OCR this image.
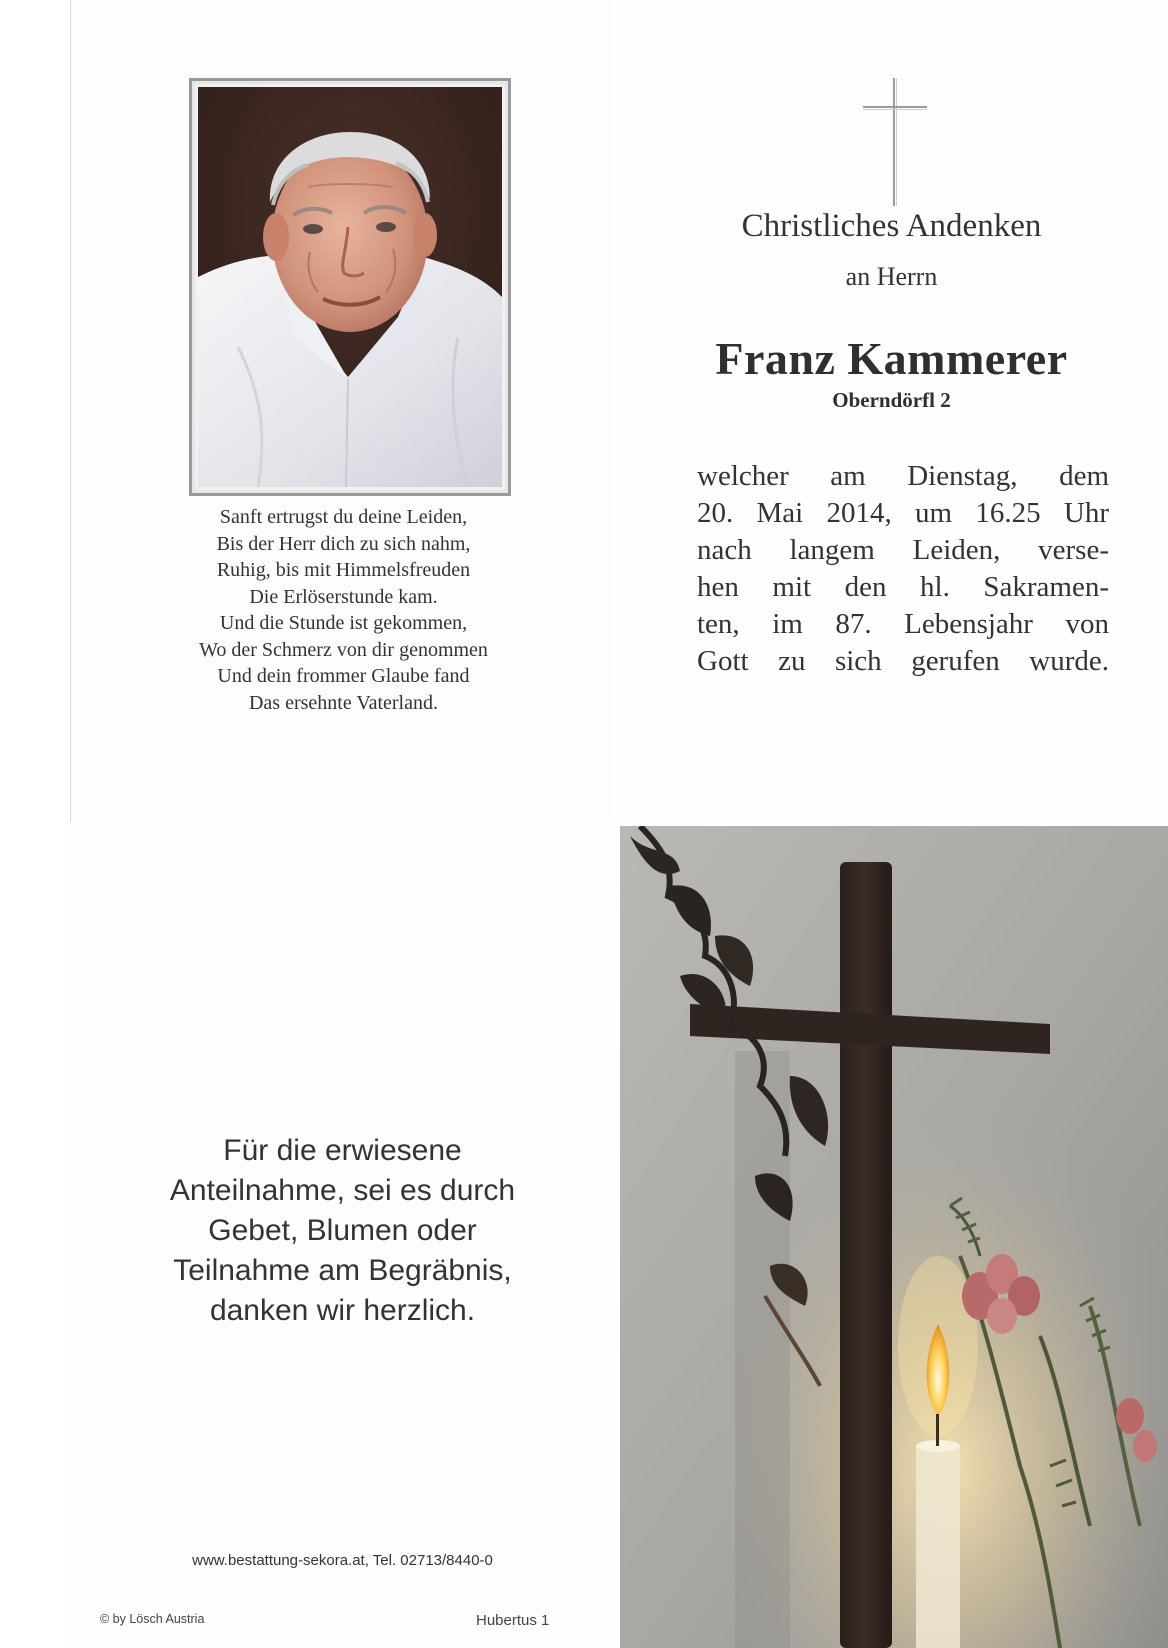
Sanft ertrugst du deine Leiden,
Bis der Herr dich zu sich nahm,
Ruhig, bis mit Himmelsfreuden
Die Erlöserstunde kam.
Und die Stunde ist gekommen,
Wo der Schmerz von dir genommen
Und dein frommer Glaube fand
Das ersehnte Vaterland.
Christliches Andenken
an Herrn
Franz Kammerer
Oberndörfl 2
welcher am Dienstag, dem
20. Mai 2014, um 16.25 Uhr
nach langem Leiden, verse-
hen mit den hl. Sakramen-
ten, im 87. Lebensjahr von
Gott zu sich gerufen wurde.
Für die erwiesene
Anteilnahme, sei es durch
Gebet, Blumen oder
Teilnahme am Begräbnis,
danken wir herzlich.
www.bestattung-sekora.at, Tel. 02713/8440-0
© by Lösch Austria	Hubertus 1
